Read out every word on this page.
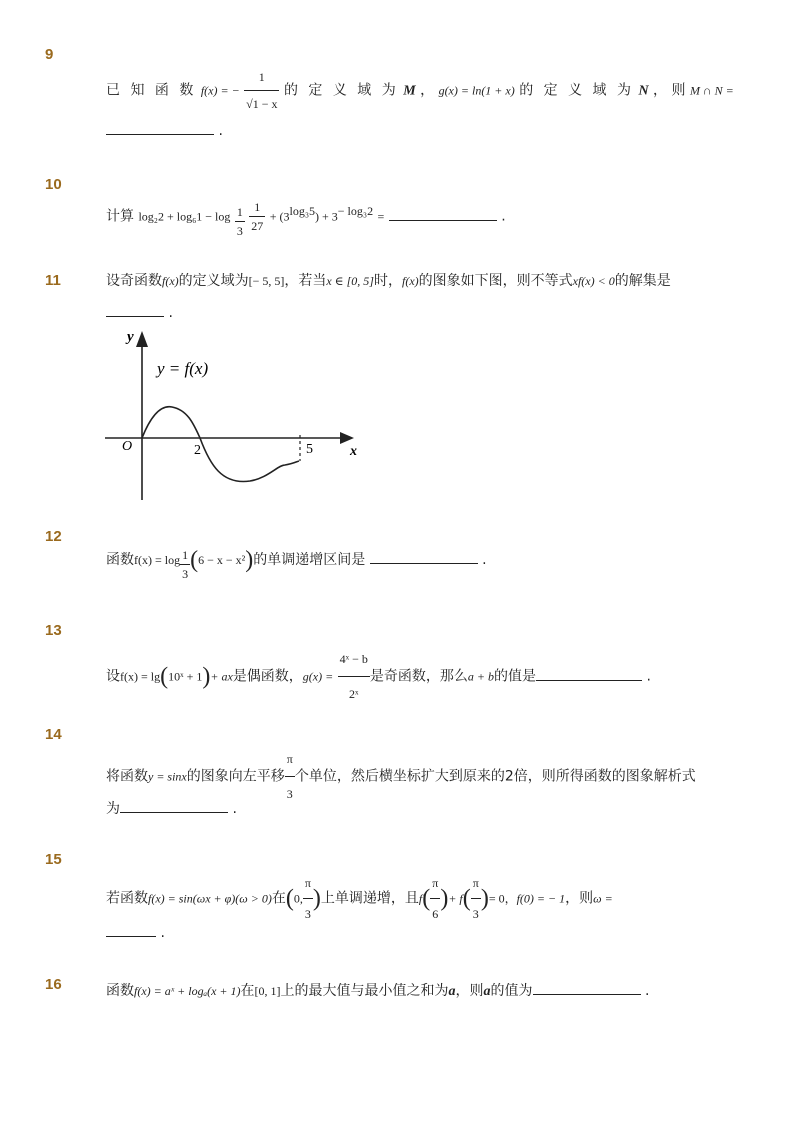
9
10
11
12
13
14
15
16
已 知 函 数 f(x) = − $\frac{1}{√1 - x}$ 的 定 义 域 为 M ， g(x) = ln(1 + x) 的 定 义 域 为 N ， 则 M ∩ N =
.
计算 $\log_22 + \log_61 - \log \frac{1}{3}$
$\frac{1}{27} + (3^{log_35}) + 3^{- log_32}$ =	.
设奇函数f(x)的定义域为[− 5, 5]，若当x ∈ [0, 5]时，f(x)的图象如下图，则不等式xf(x) < 0的解集是
.
y
x
O	2	5
y = f(x)
函数$f(x) = \log \frac{1}{3} (6 - x - x^2)$的单调递增区间是	.
设f(x) = lg(10ˣ + 1)+ ax是偶函数，$g(x) = \frac{\text{4ˣ − b}}{\text{2ˣ}}$ 是奇函数，那么a + b的值是	.
将函数y = sinx的图象向左平移 $\frac{\pi}{3}$ 个单位，然后横坐标扩大到原来的2倍，则所得函数的图象解析式
为	.
若函数f(x) = sin(ωx + φ)(ω > 0)在(0, $\frac{\pi}{3}$ )上单调递增，且$f( \frac{\pi}{6}$ )+ $f( \frac{\pi}{3}$ )= 0，f(0) = − 1，则ω =
.
函数f(x) = aˣ + logₐ(x + 1)在[0, 1]上的最大值与最小值之和为a，则a的值为	.
